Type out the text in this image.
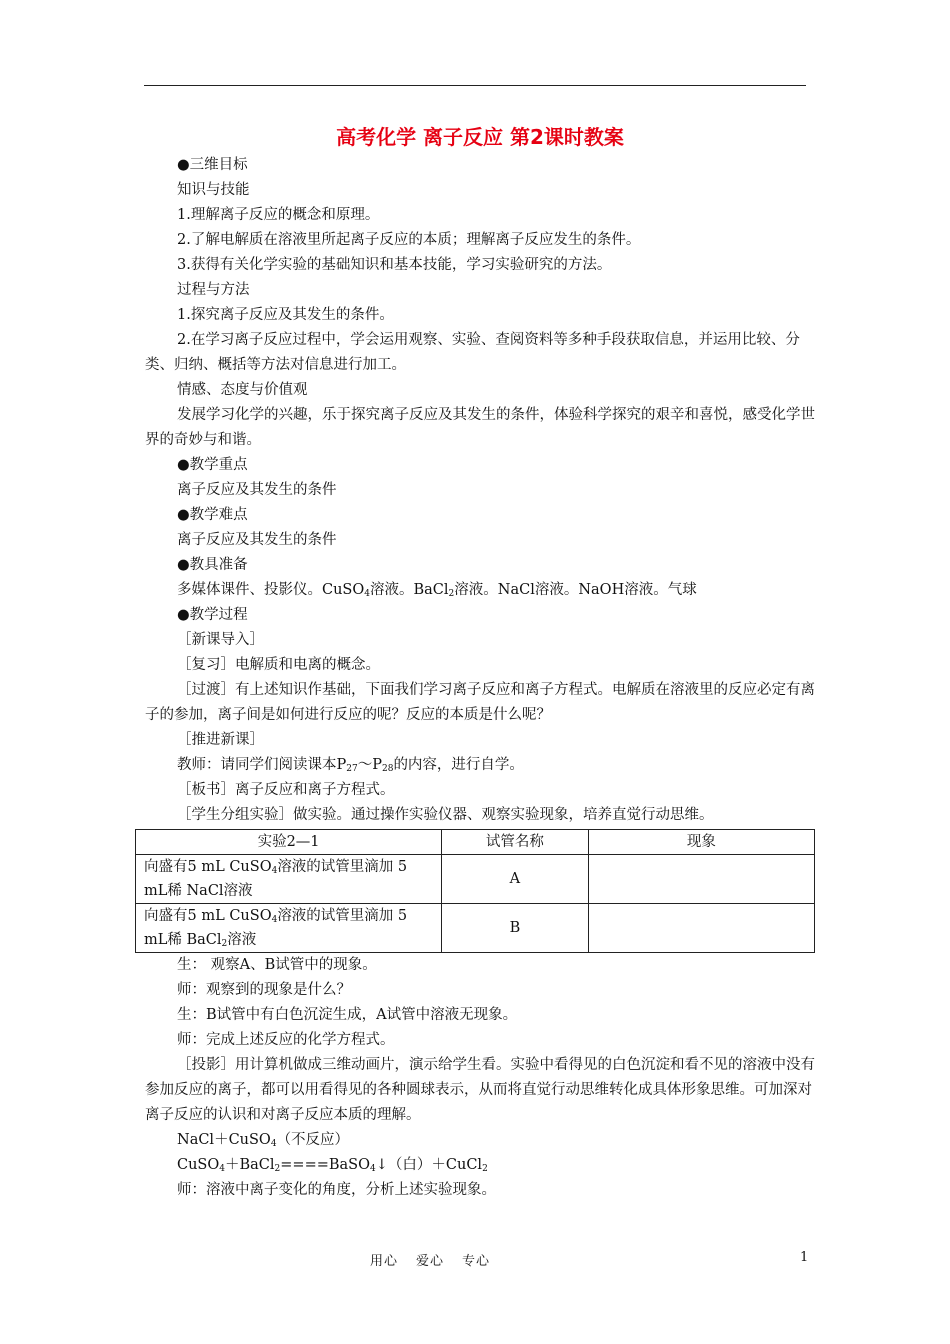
高考化学 离子反应 第2课时教案

●三维目标

知识与技能

1.理解离子反应的概念和原理。

2.了解电解质在溶液里所起离子反应的本质；理解离子反应发生的条件。

3.获得有关化学实验的基础知识和基本技能，学习实验研究的方法。

过程与方法

1.探究离子反应及其发生的条件。

2.在学习离子反应过程中，学会运用观察、实验、查阅资料等多种手段获取信息，并运用比较、分类、归纳、概括等方法对信息进行加工。

情感、态度与价值观

发展学习化学的兴趣，乐于探究离子反应及其发生的条件，体验科学探究的艰辛和喜悦，感受化学世界的奇妙与和谐。

●教学重点

离子反应及其发生的条件

●教学难点

离子反应及其发生的条件

●教具准备

多媒体课件、投影仪。CuSO$_4$溶液。BaCl$_2$溶液。NaCl溶液。NaOH溶液。气球

●教学过程

［新课导入］

［复习］电解质和电离的概念。

［过渡］有上述知识作基础，下面我们学习离子反应和离子方程式。电解质在溶液里的反应必定有离子的参加，离子间是如何进行反应的呢？反应的本质是什么呢？

［推进新课］

教师：请同学们阅读课本$P_{27}\sim P_{28}$的内容，进行自学。

［板书］离子反应和离子方程式。

［学生分组实验］做实验。通过操作实验仪器、观察实验现象，培养直觉行动思维。

实验2—1	试管名称	现象
向盛有5 mL CuSO$_4$溶液的试管里滴加 5 mL稀 NaCl溶液	A	
向盛有5 mL CuSO$_4$溶液的试管里滴加 5 mL稀 BaCl$_2$溶液	B	

生： 观察A、B试管中的现象。

师：观察到的现象是什么？

生：B试管中有白色沉淀生成，A试管中溶液无现象。

师：完成上述反应的化学方程式。

［投影］用计算机做成三维动画片，演示给学生看。实验中看得见的白色沉淀和看不见的溶液中没有参加反应的离子，都可以用看得见的各种圆球表示，从而将直觉行动思维转化成具体形象思维。可加深对离子反应的认识和对离子反应本质的理解。

NaCl＋CuSO$_4$（不反应）

CuSO$_4$＋BaCl$_2$====BaSO$_4$↓（白）＋CuCl$_2$

师：溶液中离子变化的角度，分析上述实验现象。

用心 爱心 专心	1
